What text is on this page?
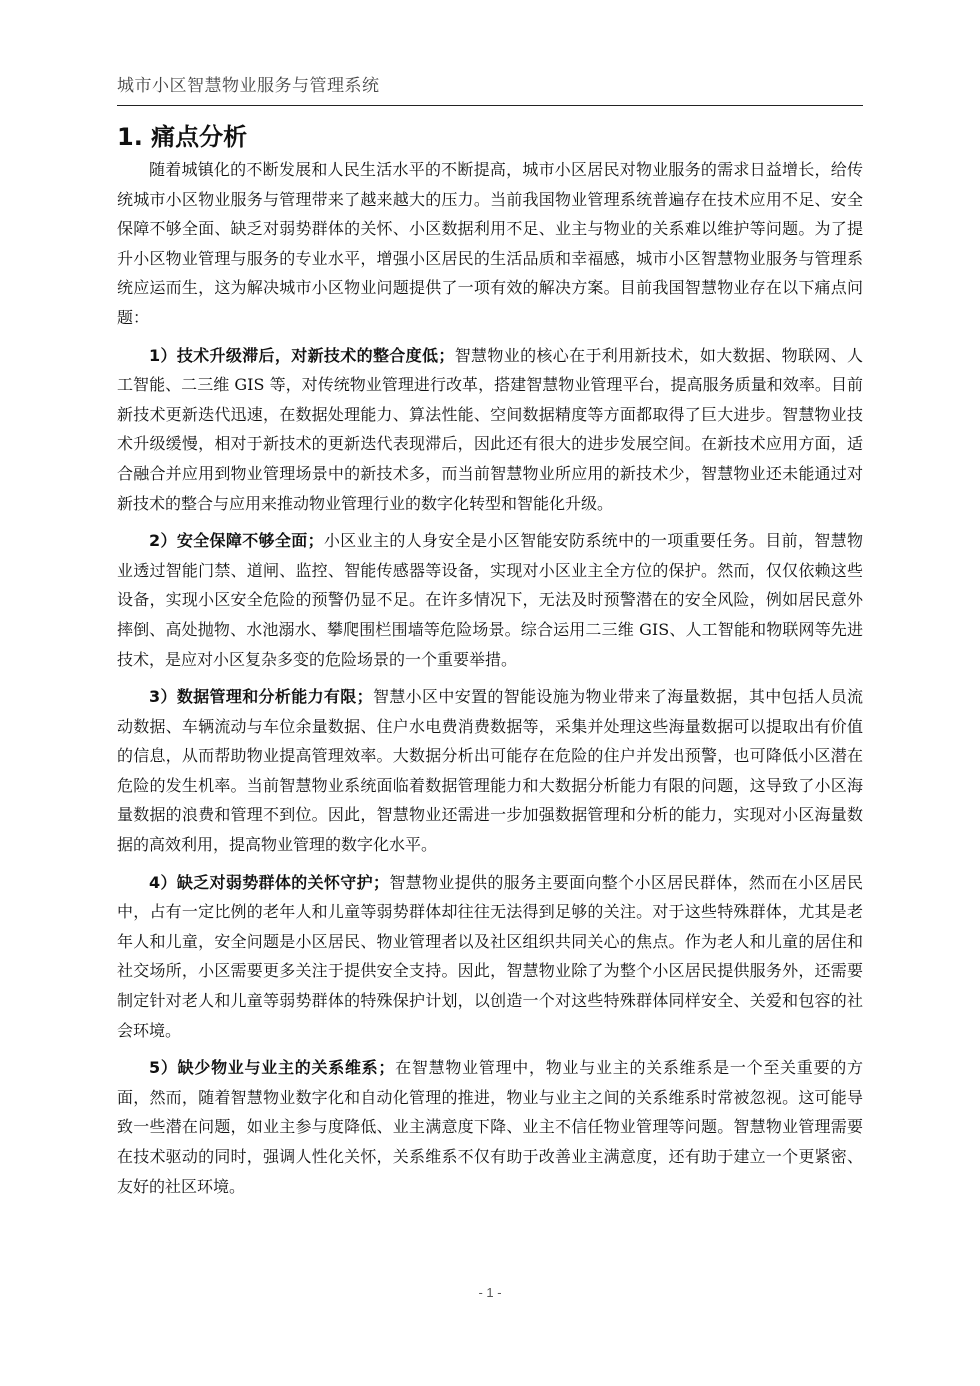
城市小区智慧物业服务与管理系统
1. 痛点分析

随着城镇化的不断发展和人民生活水平的不断提高，城市小区居民对物业服务的需求日益增长，给传统城市小区物业服务与管理带来了越来越大的压力。当前我国物业管理系统普遍存在技术应用不足、安全保障不够全面、缺乏对弱势群体的关怀、小区数据利用不足、业主与物业的关系难以维护等问题。为了提升小区物业管理与服务的专业水平，增强小区居民的生活品质和幸福感，城市小区智慧物业服务与管理系统应运而生，这为解决城市小区物业问题提供了一项有效的解决方案。目前我国智慧物业存在以下痛点问题：

1）技术升级滞后，对新技术的整合度低；智慧物业的核心在于利用新技术，如大数据、物联网、人工智能、二三维 GIS 等，对传统物业管理进行改革，搭建智慧物业管理平台，提高服务质量和效率。目前新技术更新迭代迅速，在数据处理能力、算法性能、空间数据精度等方面都取得了巨大进步。智慧物业技术升级缓慢，相对于新技术的更新迭代表现滞后，因此还有很大的进步发展空间。在新技术应用方面，适合融合并应用到物业管理场景中的新技术多，而当前智慧物业所应用的新技术少，智慧物业还未能通过对新技术的整合与应用来推动物业管理行业的数字化转型和智能化升级。

2）安全保障不够全面；小区业主的人身安全是小区智能安防系统中的一项重要任务。目前，智慧物业透过智能门禁、道闸、监控、智能传感器等设备，实现对小区业主全方位的保护。然而，仅仅依赖这些设备，实现小区安全危险的预警仍显不足。在许多情况下，无法及时预警潜在的安全风险，例如居民意外摔倒、高处抛物、水池溺水、攀爬围栏围墙等危险场景。综合运用二三维 GIS、人工智能和物联网等先进技术，是应对小区复杂多变的危险场景的一个重要举措。

3）数据管理和分析能力有限；智慧小区中安置的智能设施为物业带来了海量数据，其中包括人员流动数据、车辆流动与车位余量数据、住户水电费消费数据等，采集并处理这些海量数据可以提取出有价值的信息，从而帮助物业提高管理效率。大数据分析出可能存在危险的住户并发出预警，也可降低小区潜在危险的发生机率。当前智慧物业系统面临着数据管理能力和大数据分析能力有限的问题，这导致了小区海量数据的浪费和管理不到位。因此，智慧物业还需进一步加强数据管理和分析的能力，实现对小区海量数据的高效利用，提高物业管理的数字化水平。

4）缺乏对弱势群体的关怀守护；智慧物业提供的服务主要面向整个小区居民群体，然而在小区居民中，占有一定比例的老年人和儿童等弱势群体却往往无法得到足够的关注。对于这些特殊群体，尤其是老年人和儿童，安全问题是小区居民、物业管理者以及社区组织共同关心的焦点。作为老人和儿童的居住和社交场所，小区需要更多关注于提供安全支持。因此，智慧物业除了为整个小区居民提供服务外，还需要制定针对老人和儿童等弱势群体的特殊保护计划，以创造一个对这些特殊群体同样安全、关爱和包容的社会环境。

5）缺少物业与业主的关系维系；在智慧物业管理中，物业与业主的关系维系是一个至关重要的方面，然而，随着智慧物业数字化和自动化管理的推进，物业与业主之间的关系维系时常被忽视。这可能导致一些潜在问题，如业主参与度降低、业主满意度下降、业主不信任物业管理等问题。智慧物业管理需要在技术驱动的同时，强调人性化关怀，关系维系不仅有助于改善业主满意度，还有助于建立一个更紧密、友好的社区环境。

- 1 -
